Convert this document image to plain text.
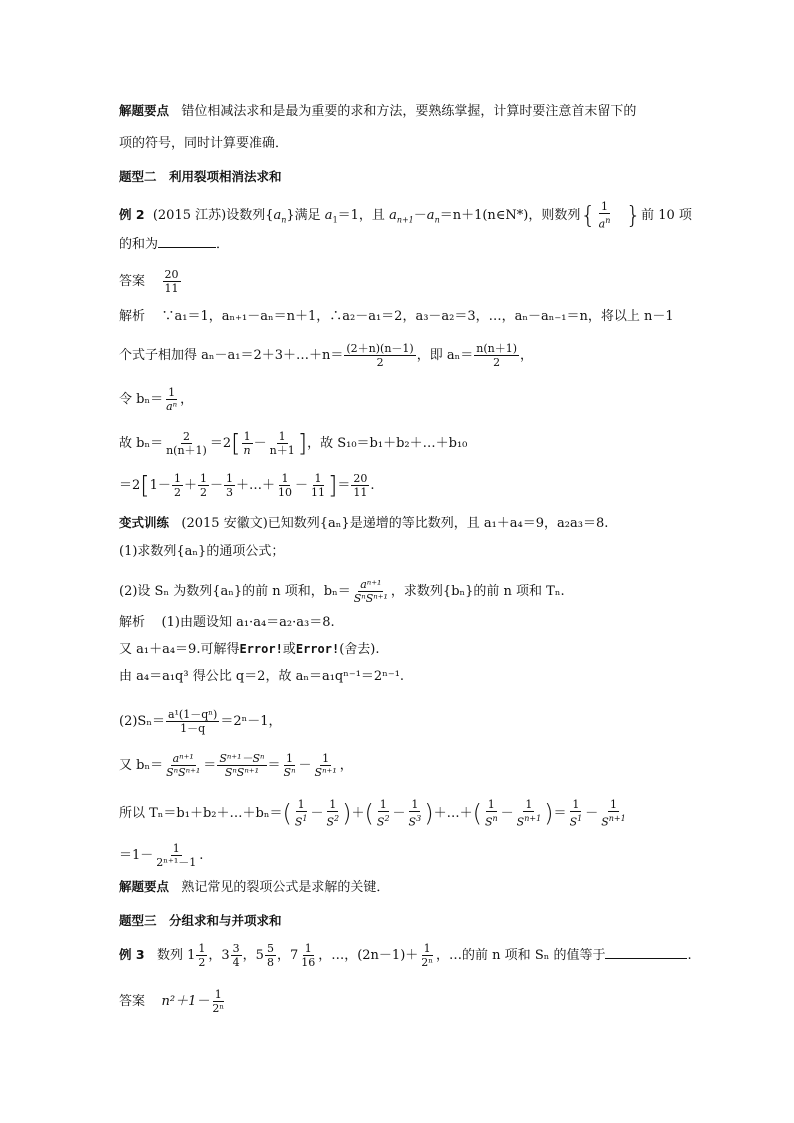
解题要点 错位相减法求和是最为重要的求和方法，要熟练掌握，计算时要注意首末留下的
项的符号，同时计算要准确．
题型二　利用裂项相消法求和
例 2 (2015 江苏)设数列$\{a_n\}$满足 $a_1=1$，且 $a_{n+1}-a_n=n+1(n\in N*)$，则数列{ $\frac{1}{a^n}$ }前 10 项
的和为	．
答案 $\frac{20}{11}$
解析 ∵a₁＝1，aₙ₊₁－aₙ＝n＋1，∴a₂－a₁＝2，a₃－a₂＝3，…，aₙ－aₙ₋₁＝n，将以上 n－1
个式子相加得 aₙ－a₁＝2＋3＋…＋n＝ $\frac{(2+n)(n-1)}{2}$ ，即 $a_n= \frac{n(n+1)}{2}$ ，
令 $b_n= \frac{1}{\text{aⁿ}}$ ，
故 $b_n= \frac{2}{n(n+1)} =2[ \frac{1}{n} - \frac{1}{n+1}$ ]，故 S₁₀＝b₁＋b₂＋…＋b₁₀
$=2[1- \frac{1}{2} + \frac{1}{2} - \frac{1}{3}$ ＋…＋ $\frac{1}{10} - \frac{1}{11}$ ]＝ $\frac{20}{11}$ .
变式训练 (2015 安徽文)已知数列{aₙ}是递增的等比数列，且 a₁＋a₄＝9，a₂a₃＝8.
(1)求数列{aₙ}的通项公式；
(2)设 Sₙ 为数列{aₙ}的前 n 项和，$b_n= \frac{\text{aⁿ⁺¹}}{\text{SⁿSⁿ⁺¹}}$ ，求数列{bₙ}的前 n 项和 Tₙ.
解析 (1)由题设知 a₁·a₄＝a₂·a₃＝8.
又 a₁＋a₄＝9.可解得Error!或Error!(舍去).
由 a₄＝a₁q³ 得公比 q＝2，故 aₙ＝a₁qⁿ⁻¹＝2ⁿ⁻¹.
$(2)S_n= \frac{\text{a¹(1－qⁿ)}}{1-q} =2^n-1$，
又 $b_n= \frac{\text{aⁿ⁺¹}}{\text{SⁿSⁿ⁺¹}} = \frac{\text{Sⁿ⁺¹－Sⁿ}}{\text{SⁿSⁿ⁺¹}} = \frac{1}{\text{Sⁿ}} - \frac{1}{\text{Sⁿ⁺¹}}$ ，
所以 Tₙ＝b₁＋b₂＋…＋bₙ＝( $\frac{1}{S^1} - \frac{1}{S^2}$ )＋( $\frac{1}{S^2} - \frac{1}{S^3}$ )＋…＋( $\frac{1}{S^n} - \frac{1}{S^{n+1}}$ )＝ $\frac{1}{S^1} - \frac{1}{S^{n+1}}$
$=1- \frac{1}{\text{2ⁿ⁺¹－1}}$ .
解题要点 熟记常见的裂项公式是求解的关键．
题型三　分组求和与并项求和
例 3 数列 $1 \frac{1}{2}$ ，$3 \frac{3}{4}$ ，$5 \frac{5}{8}$ ，$7 \frac{1}{16}$ ，…，$(2n-1)+ \frac{1}{\text{2ⁿ}}$ ，…的前 n 项和 Sₙ 的值等于	.
答案 $n^2+1- \frac{1}{\text{2ⁿ}}$
